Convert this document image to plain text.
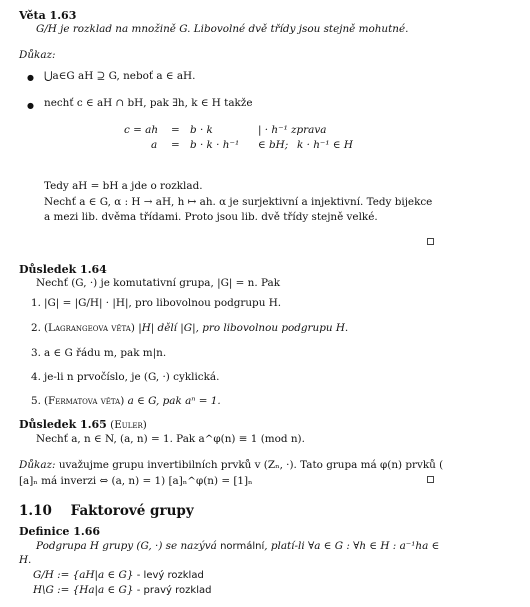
Věta 1.63
G/H je rozklad na množině G. Libovolné dvě třídy jsou stejně mohutné.
Důkaz:
● ⋃a∈G aH ⊇ G, neboť a ∈ aH.
● nechť c ∈ aH ∩ bH, pak ∃h, k ∈ H takže
c = ah = b · k	| · h⁻¹ zprava
a = b · k · h⁻¹ ∈ bH; k · h⁻¹ ∈ H
Tedy aH = bH a jde o rozklad.
Nechť a ∈ G, α : H → aH, h ↦ ah. α je surjektivní a injektivní. Tedy bijekce
a mezi lib. dvěma třídami. Proto jsou lib. dvě třídy stejně velké.
Důsledek 1.64
Nechť (G, ·) je komutativní grupa, |G| = n. Pak
1. |G| = |G/H| · |H|, pro libovolnou podgrupu H.
2. (Lagrangeova věta) |H| dělí |G|, pro libovolnou podgrupu H.
3. a ∈ G řádu m, pak m|n.
4. je-li n prvočíslo, je (G, ·) cyklická.
5. (Fermatova věta) a ∈ G, pak aⁿ = 1.
Důsledek 1.65 (Euler)
Nechť a, n ∈ N, (a, n) = 1. Pak a^φ(n) ≡ 1 (mod n).
Důkaz: uvažujme grupu invertibilních prvků v (Zₙ, ·). Tato grupa má φ(n) prvků (
[a]ₙ má inverzi ⇔ (a, n) = 1) [a]ₙ^φ(n) = [1]ₙ
1.10 Faktorové grupy
Definice 1.66
Podgrupa H grupy (G, ·) se nazývá normální, platí-li ∀a ∈ G : ∀h ∈ H : a⁻¹ha ∈
H.
G/H := {aH|a ∈ G} - levý rozklad
H\G := {Ha|a ∈ G} - pravý rozklad
